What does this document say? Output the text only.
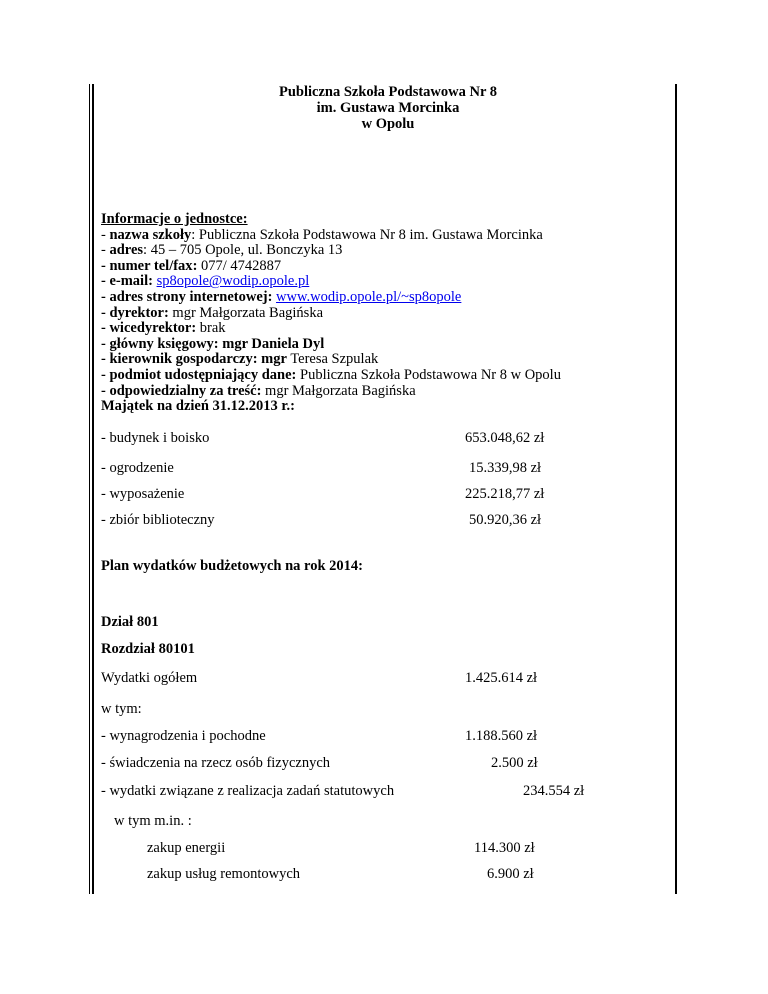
Publiczna Szkoła Podstawowa Nr 8
im. Gustawa Morcinka
w Opolu
Informacje o jednostce:
- nazwa szkoły: Publiczna Szkoła Podstawowa Nr 8 im. Gustawa Morcinka
- adres: 45 – 705 Opole, ul. Bonczyka 13
- numer tel/fax: 077/ 4742887
- e-mail: sp8opole@wodip.opole.pl
- adres strony internetowej: www.wodip.opole.pl/~sp8opole
- dyrektor: mgr Małgorzata Bagińska
- wicedyrektor: brak
- główny księgowy: mgr Daniela Dyl
- kierownik gospodarczy: mgr Teresa Szpulak
- podmiot udostępniający dane: Publiczna Szkoła Podstawowa Nr 8 w Opolu
- odpowiedzialny za treść: mgr Małgorzata Bagińska
Majątek na dzień 31.12.2013 r.:
- budynek i boisko	653.048,62 zł
- ogrodzenie	15.339,98 zł
- wyposażenie	225.218,77 zł
- zbiór biblioteczny	50.920,36 zł
Plan wydatków budżetowych na rok 2014:
Dział 801
Rozdział 80101
Wydatki ogółem	1.425.614 zł
w tym:
- wynagrodzenia i pochodne	1.188.560 zł
- świadczenia na rzecz osób fizycznych	2.500 zł
- wydatki związane z realizacja zadań statutowych	234.554 zł
w tym m.in. :
zakup energii	114.300 zł
zakup usług remontowych	6.900 zł
